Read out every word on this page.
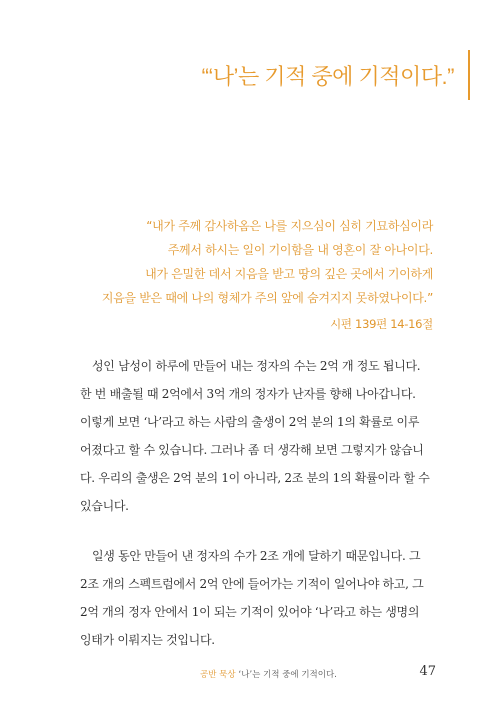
“‘나’는 기적 중에 기적이다.”
“내가 주께 감사하옴은 나를 지으심이 심히 기묘하심이라
주께서 하시는 일이 기이함을 내 영혼이 잘 아나이다.
내가 은밀한 데서 지음을 받고 땅의 깊은 곳에서 기이하게
지음을 받은 때에 나의 형체가 주의 앞에 숨겨지지 못하였나이다.”
시편 139편 14-16절
성인 남성이 하루에 만들어 내는 정자의 수는 2억 개 정도 됩니다.
한 번 배출될 때 2억에서 3억 개의 정자가 난자를 향해 나아갑니다.
이렇게 보면 ‘나’라고 하는 사람의 출생이 2억 분의 1의 확률로 이루
어졌다고 할 수 있습니다. 그러나 좀 더 생각해 보면 그렇지가 않습니
다. 우리의 출생은 2억 분의 1이 아니라, 2조 분의 1의 확률이라 할 수
있습니다.
일생 동안 만들어 낸 정자의 수가 2조 개에 달하기 때문입니다. 그
2조 개의 스펙트럼에서 2억 안에 들어가는 기적이 일어나야 하고, 그
2억 개의 정자 안에서 1이 되는 기적이 있어야 ‘나’라고 하는 생명의
잉태가 이뤄지는 것입니다.
공반 묵상 ‘나’는 기적 중에 기적이다.	47
